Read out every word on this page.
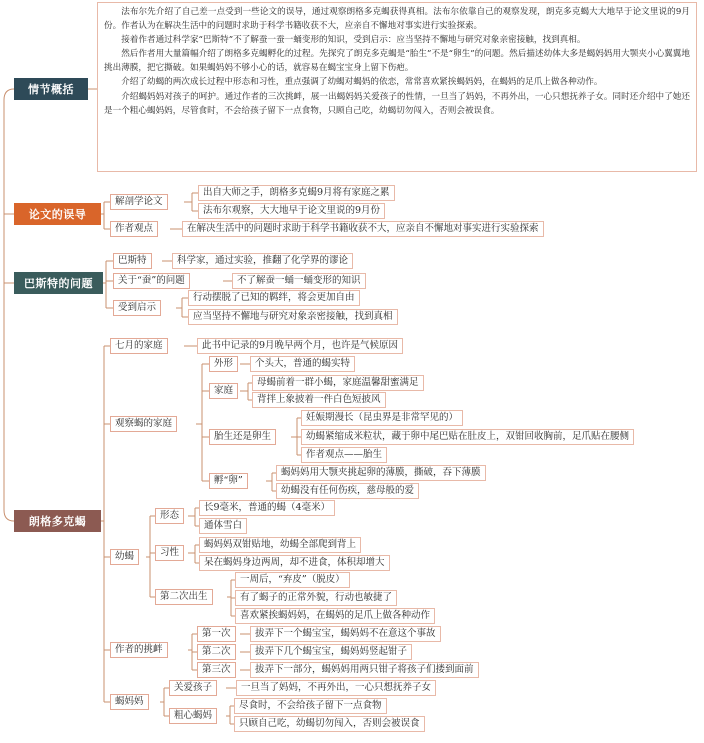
情节概括

法布尔先介绍了自己差一点受到一些论文的误导，通过观察朗格多克蝎获得真相。法布尔依靠自己的观察发现，朗克多克蝎大大地早于论文里说的9月份。作者认为在解决生活中的问题时求助于科学书籍收获不大，应亲自不懈地对事实进行实验探索。

接着作者通过科学家“巴斯特”不了解蚕一蚕一蛹变形的知识，受到启示：应当坚持不懈地与研究对象亲密接触，找到真相。

然后作者用大量篇幅介绍了朗格多克蝎孵化的过程。先探究了朗克多克蝎是“胎生”不是“卵生”的问题。然后描述幼体大多是蝎妈妈用大颚夹小心翼翼地挑出薄膜，把它撕破。如果蝎妈妈不够小心的话，就容易在蝎宝宝身上留下伤疤。

介绍了幼蝎的两次成长过程中形态和习性，重点强调了幼蝎对蝎妈的依恋，常常喜欢紧挨蝎妈妈，在蝎妈的足爪上做各种动作。

介绍蝎妈妈对孩子的呵护。通过作者的三次挑衅，展一出蝎妈妈关爱孩子的性情，一旦当了妈妈，不再外出，一心只想抚养子女。同时还介绍中了她还是一个粗心蝎妈妈，尽管食时，不会给孩子留下一点食物，只顾自己吃，幼蝎切勿闯入，否则会被误食。

论文的误导
解剖学论文
出自大师之手，朗格多克蝎9月将有家庭之累
法布尔观察，大大地早于论文里说的9月份
作者观点	在解决生活中的问题时求助于科学书籍收获不大，应亲自不懈地对事实进行实验探索
巴斯特的问题
巴斯特	科学家，通过实验，推翻了化学界的谬论
关于“蚕”的问题	不了解蚕一蛹一蛹变形的知识
受到启示
行动摆脱了已知的羁绊，将会更加自由
应当坚持不懈地与研究对象亲密接触，找到真相
朗格多克蝎
七月的家庭	此书中记录的9月晚早两个月，也许是气候原因
观察蝎的家庭
外形	个头大，普通的蝎实特
家庭
母蝎前着一群小蝎，家庭温馨甜蜜满足
背拌上象披着一件白色短披风
胎生还是卵生
妊娠期漫长（昆虫界是非常罕见的）
幼蝎紧缩成米粒状，藏于卵中尾巴贴在肚皮上，双钳回收胸前，足爪贴在腰侧
作者观点——胎生
孵“卵”
蝎妈妈用大颚夹挑起卵的薄膜，撕破，吞下薄膜
幼蝎没有任何伤疾，慈母般的爱
幼蝎
形态
长9毫米，普通的蝎（4毫米）
通体雪白
习性
蝎妈妈双钳贴地，幼蝎全部爬到背上
呆在蝎妈身边两周，却不进食，体积却增大
第二次出生
一周后，“弃皮”（脱皮）
有了蝎子的正常外貌，行动也敏捷了
喜欢紧挨蝎妈妈，在蝎妈的足爪上做各种动作
作者的挑衅
第一次	拔弄下一个蝎宝宝，蝎妈妈不在意这个事故
第二次	拔弄下几个蝎宝宝，蝎妈妈竖起钳子
第三次	拔弄下一部分，蝎妈妈用两只钳子将孩子们搂到面前
蝎妈妈
关爱孩子	一旦当了妈妈，不再外出，一心只想抚养子女
粗心蝎妈
尽食时，不会给孩子留下一点食物
只顾自己吃，幼蝎切勿闯入，否则会被误食
